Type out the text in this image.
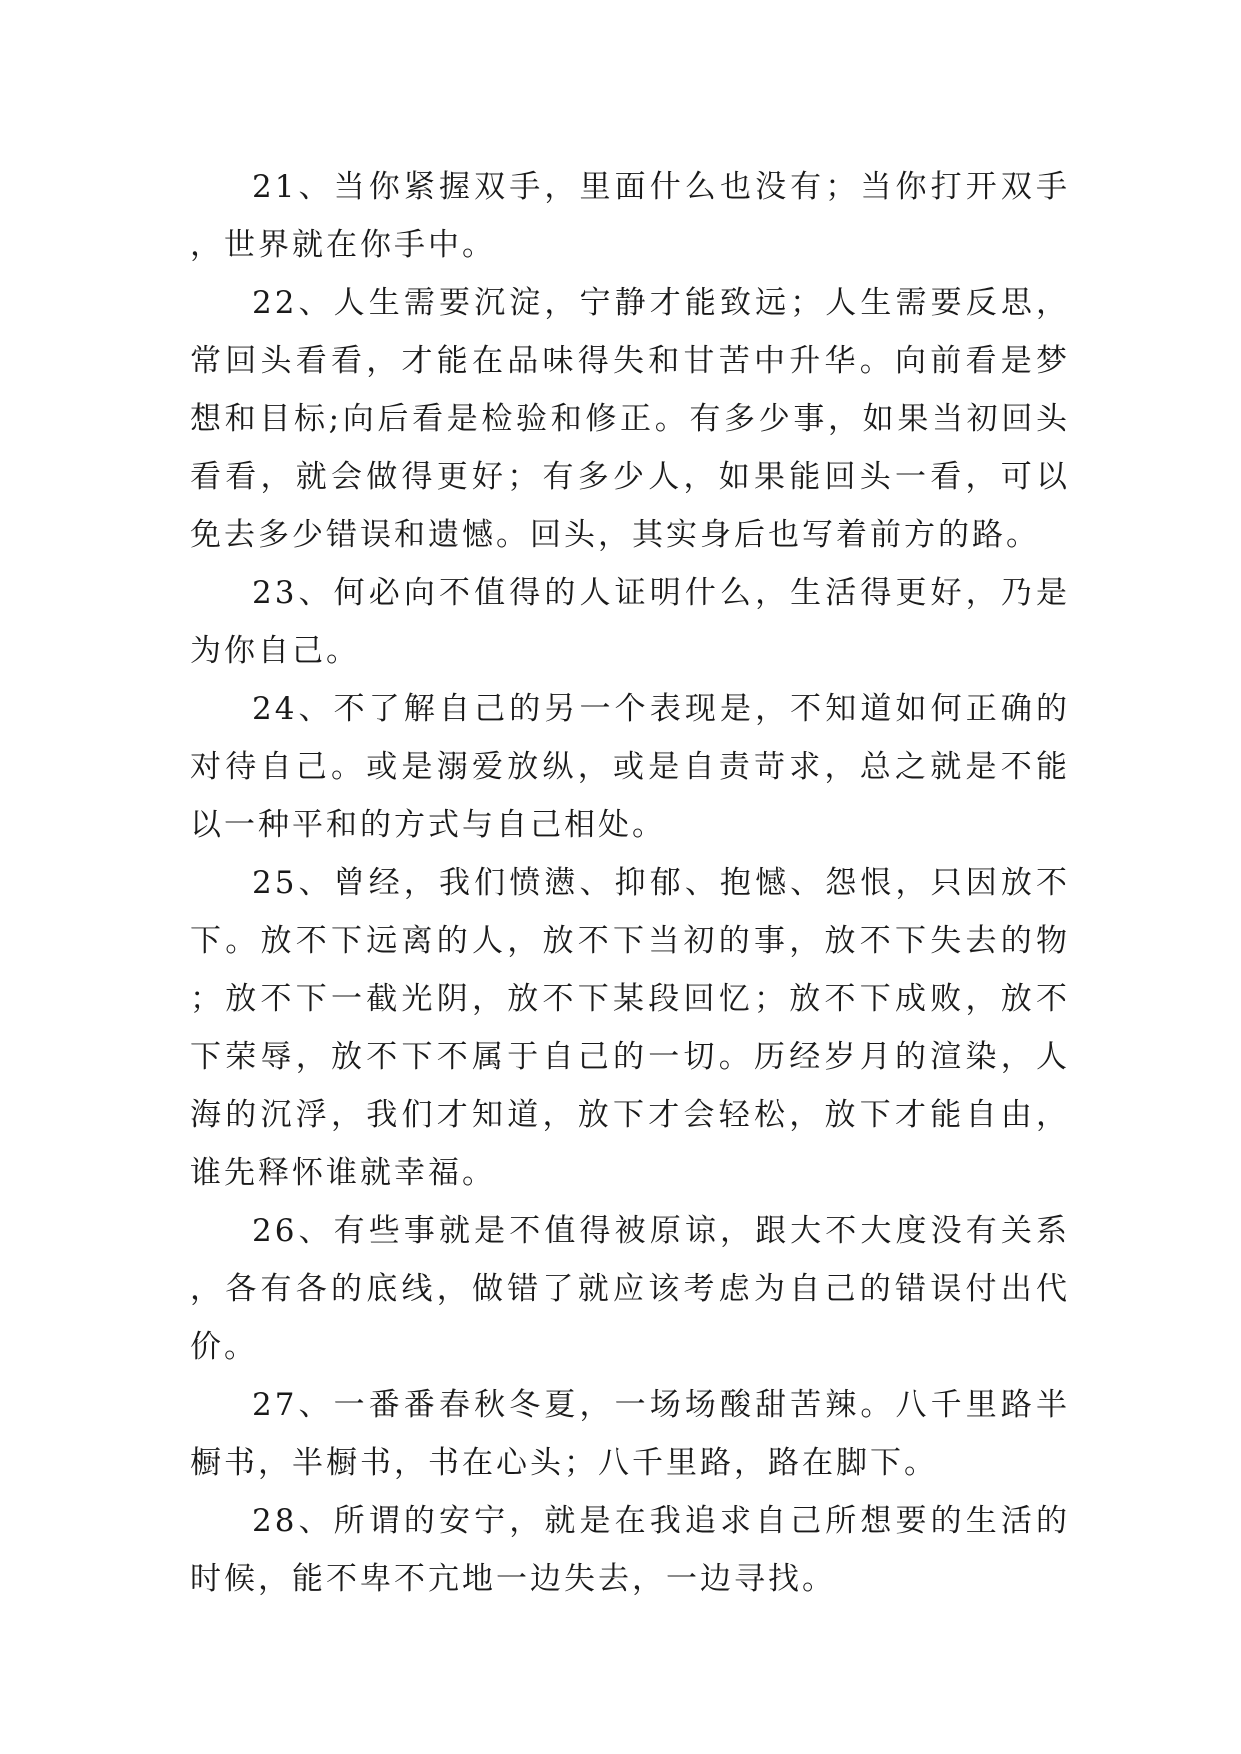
21、当你紧握双手，里面什么也没有；当你打开双手，世界就在你手中。

22、人生需要沉淀，宁静才能致远；人生需要反思，常回头看看，才能在品味得失和甘苦中升华。向前看是梦想和目标;向后看是检验和修正。有多少事，如果当初回头看看，就会做得更好；有多少人，如果能回头一看，可以免去多少错误和遗憾。回头，其实身后也写着前方的路。

23、何必向不值得的人证明什么，生活得更好，乃是为你自己。

24、不了解自己的另一个表现是，不知道如何正确的对待自己。或是溺爱放纵，或是自责苛求，总之就是不能以一种平和的方式与自己相处。

25、曾经，我们愤懑、抑郁、抱憾、怨恨，只因放不下。放不下远离的人，放不下当初的事，放不下失去的物；放不下一截光阴，放不下某段回忆；放不下成败，放不下荣辱，放不下不属于自己的一切。历经岁月的渲染，人海的沉浮，我们才知道，放下才会轻松，放下才能自由，谁先释怀谁就幸福。

26、有些事就是不值得被原谅，跟大不大度没有关系，各有各的底线，做错了就应该考虑为自己的错误付出代价。

27、一番番春秋冬夏，一场场酸甜苦辣。八千里路半橱书，半橱书，书在心头；八千里路，路在脚下。

28、所谓的安宁，就是在我追求自己所想要的生活的时候，能不卑不亢地一边失去，一边寻找。
